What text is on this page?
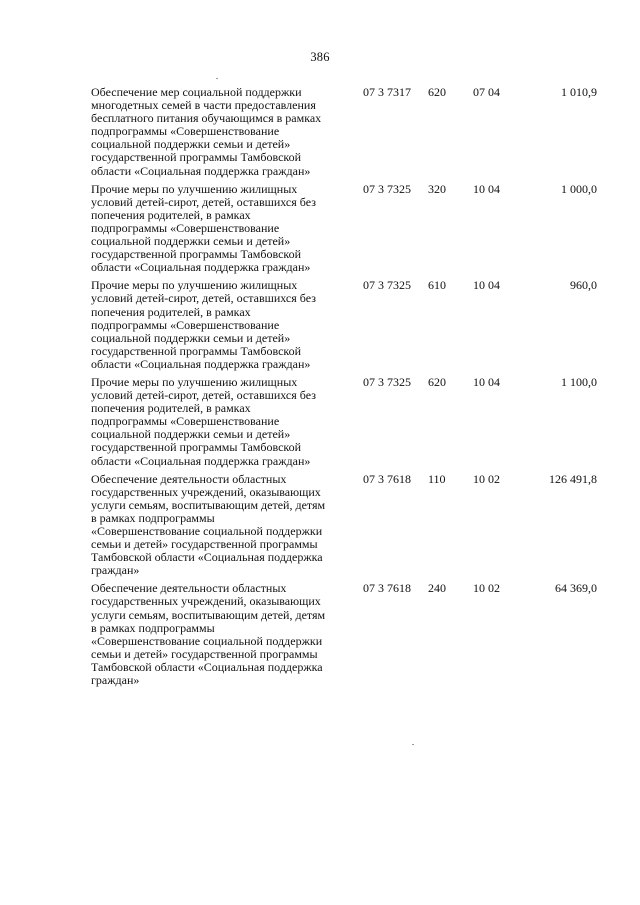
386
Обеспечение мер социальной поддержки
многодетных семей в части предоставления
бесплатного питания обучающимся в рамках
подпрограммы «Совершенствование
социальной поддержки семьи и детей»
государственной программы Тамбовской
области «Социальная поддержка граждан»
07 3 7317 620 07 04	1 010,9
Прочие меры по улучшению жилищных
условий детей-сирот, детей, оставшихся без
попечения родителей, в рамках
подпрограммы «Совершенствование
социальной поддержки семьи и детей»
государственной программы Тамбовской
области «Социальная поддержка граждан»
07 3 7325 320 10 04	1 000,0
Прочие меры по улучшению жилищных
условий детей-сирот, детей, оставшихся без
попечения родителей, в рамках
подпрограммы «Совершенствование
социальной поддержки семьи и детей»
государственной программы Тамбовской
области «Социальная поддержка граждан»
07 3 7325 610 10 04	960,0
Прочие меры по улучшению жилищных
условий детей-сирот, детей, оставшихся без
попечения родителей, в рамках
подпрограммы «Совершенствование
социальной поддержки семьи и детей»
государственной программы Тамбовской
области «Социальная поддержка граждан»
07 3 7325 620 10 04	1 100,0
Обеспечение деятельности областных
государственных учреждений, оказывающих
услуги семьям, воспитывающим детей, детям
в рамках подпрограммы
«Совершенствование социальной поддержки
семьи и детей» государственной программы
Тамбовской области «Социальная поддержка
граждан»
07 3 7618 110 10 02	126 491,8
Обеспечение деятельности областных
государственных учреждений, оказывающих
услуги семьям, воспитывающим детей, детям
в рамках подпрограммы
«Совершенствование социальной поддержки
семьи и детей» государственной программы
Тамбовской области «Социальная поддержка
граждан»
07 3 7618 240 10 02	64 369,0
